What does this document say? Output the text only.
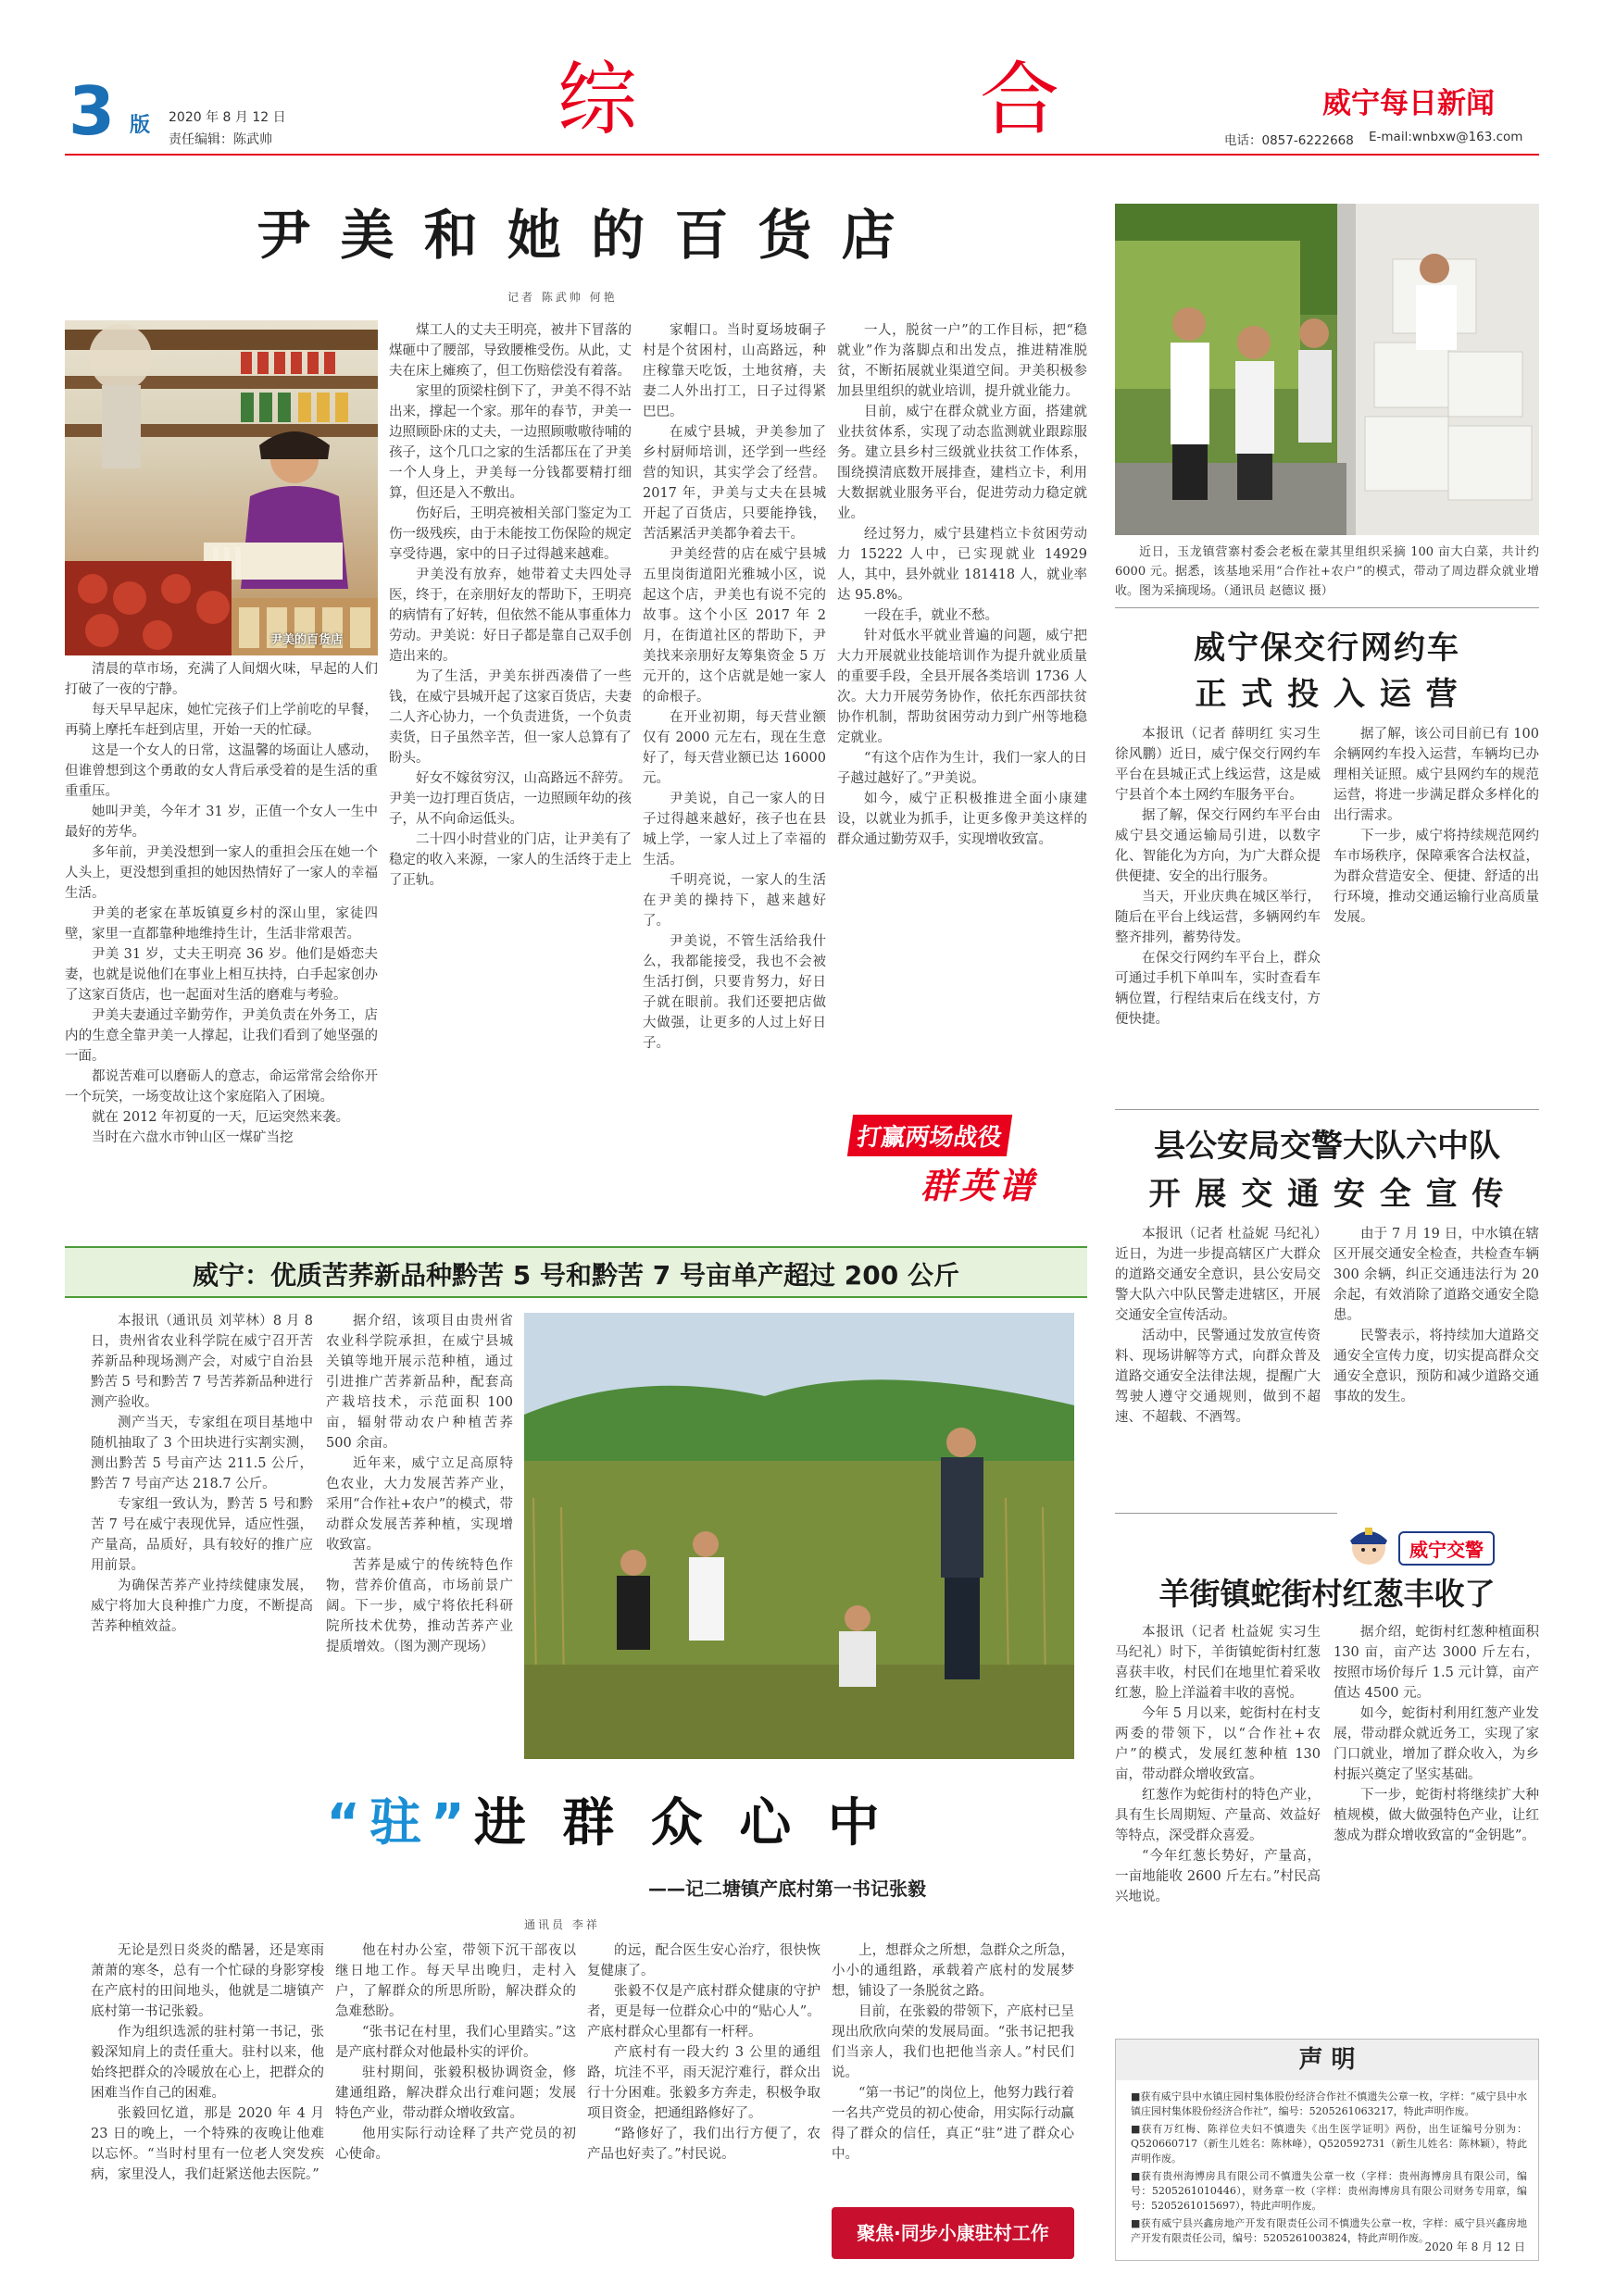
3 版 2020 年 8 月 12 日
责任编辑：陈武帅	综	合	威宁每日新闻
电话：0857-6222668 E-mail:wnbxw@163.com
尹 美 和 她 的 百 货 店
记者 陈武帅 何艳
尹美的百货店

清晨的草市场，充满了人间烟火味，早起的人们打破了一夜的宁静。

每天早早起床，她忙完孩子们上学前吃的早餐，再骑上摩托车赶到店里，开始一天的忙碌。

这是一个女人的日常，这温馨的场面让人感动，但谁曾想到这个勇敢的女人背后承受着的是生活的重重重压。

她叫尹美，今年才 31 岁，正值一个女人一生中最好的芳华。

多年前，尹美没想到一家人的重担会压在她一个人头上，更没想到重担的她因热情好了一家人的幸福生活。

尹美的老家在革坂镇夏乡村的深山里，家徒四壁，家里一直都靠种地维持生计，生活非常艰苦。

尹美 31 岁，丈夫王明亮 36 岁。他们是婚恋夫妻，也就是说他们在事业上相互扶持，白手起家创办了这家百货店，也一起面对生活的磨难与考验。

尹美夫妻通过辛勤劳作，尹美负责在外务工，店内的生意全靠尹美一人撑起，让我们看到了她坚强的一面。

都说苦难可以磨砺人的意志，命运常常会给你开一个玩笑，一场变故让这个家庭陷入了困境。

就在 2012 年初夏的一天，厄运突然来袭。

当时在六盘水市钟山区一煤矿当挖

煤工人的丈夫王明亮，被井下冒落的煤砸中了腰部，导致腰椎受伤。从此，丈夫在床上瘫痪了，但工伤赔偿没有着落。

家里的顶梁柱倒下了，尹美不得不站出来，撑起一个家。那年的春节，尹美一边照顾卧床的丈夫，一边照顾嗷嗷待哺的孩子，这个几口之家的生活都压在了尹美一个人身上，尹美每一分钱都要精打细算，但还是入不敷出。

伤好后，王明亮被相关部门鉴定为工伤一级残疾，由于未能按工伤保险的规定享受待遇，家中的日子过得越来越难。

尹美没有放弃，她带着丈夫四处寻医，终于，在亲朋好友的帮助下，王明亮的病情有了好转，但依然不能从事重体力劳动。尹美说：好日子都是靠自己双手创造出来的。

为了生活，尹美东拼西凑借了一些钱，在威宁县城开起了这家百货店，夫妻二人齐心协力，一个负责进货，一个负责卖货，日子虽然辛苦，但一家人总算有了盼头。

好女不嫁贫穷汉，山高路远不辞劳。尹美一边打理百货店，一边照顾年幼的孩子，从不向命运低头。

二十四小时营业的门店，让尹美有了稳定的收入来源，一家人的生活终于走上了正轨。

家帽口。当时夏场坡硐子村是个贫困村，山高路远，种庄稼靠天吃饭，土地贫瘠，夫妻二人外出打工，日子过得紧巴巴。

在威宁县城，尹美参加了乡村厨师培训，还学到一些经营的知识，其实学会了经营。2017 年，尹美与丈夫在县城开起了百货店，只要能挣钱，苦活累活尹美都争着去干。

尹美经营的店在威宁县城五里岗街道阳光雅城小区，说起这个店，尹美也有说不完的故事。这个小区 2017 年 2 月，在街道社区的帮助下，尹美找来亲朋好友筹集资金 5 万元开的，这个店就是她一家人的命根子。

在开业初期，每天营业额仅有 2000 元左右，现在生意好了，每天营业额已达 16000 元。

尹美说，自己一家人的日子过得越来越好，孩子也在县城上学，一家人过上了幸福的生活。

千明亮说，一家人的生活在尹美的操持下，越来越好了。

尹美说，不管生活给我什么，我都能接受，我也不会被生活打倒，只要肯努力，好日子就在眼前。我们还要把店做大做强，让更多的人过上好日子。

一人，脱贫一户”的工作目标，把“稳就业”作为落脚点和出发点，推进精准脱贫，不断拓展就业渠道空间。尹美积极参加县里组织的就业培训，提升就业能力。

目前，威宁在群众就业方面，搭建就业扶贫体系，实现了动态监测就业跟踪服务。建立县乡村三级就业扶贫工作体系，围绕摸清底数开展排查，建档立卡，利用大数据就业服务平台，促进劳动力稳定就业。

经过努力，威宁县建档立卡贫困劳动力 15222 人中，已实现就业 14929 人，其中，县外就业 181418 人，就业率达 95.8%。

一段在手，就业不愁。

针对低水平就业普遍的问题，威宁把大力开展就业技能培训作为提升就业质量的重要手段，全县开展各类培训 1736 人次。大力开展劳务协作，依托东西部扶贫协作机制，帮助贫困劳动力到广州等地稳定就业。

“有这个店作为生计，我们一家人的日子越过越好了。”尹美说。

如今，威宁正积极推进全面小康建设，以就业为抓手，让更多像尹美这样的群众通过勤劳双手，实现增收致富。

打赢两场战役
群英谱
近日，玉龙镇营寨村委会老板在蒙其里组织采摘 100 亩大白菜，共计约 6000 元。据悉，该基地采用“合作社+农户”的模式，带动了周边群众就业增收。图为采摘现场。（通讯员 赵德议 摄）
威宁保交行网约车
正 式 投 入 运 营

本报讯（记者 薛明红 实习生 徐风鹏）近日，威宁保交行网约车平台在县城正式上线运营，这是威宁县首个本土网约车服务平台。

据了解，保交行网约车平台由威宁县交通运输局引进，以数字化、智能化为方向，为广大群众提供便捷、安全的出行服务。

当天，开业庆典在城区举行，随后在平台上线运营，多辆网约车整齐排列，蓄势待发。

在保交行网约车平台上，群众可通过手机下单叫车，实时查看车辆位置，行程结束后在线支付，方便快捷。

据了解，该公司目前已有 100 余辆网约车投入运营，车辆均已办理相关证照。威宁县网约车的规范运营，将进一步满足群众多样化的出行需求。

下一步，威宁将持续规范网约车市场秩序，保障乘客合法权益，为群众营造安全、便捷、舒适的出行环境，推动交通运输行业高质量发展。

县公安局交警大队六中队
开 展 交 通 安 全 宣 传

本报讯（记者 杜益妮 马纪礼）近日，为进一步提高辖区广大群众的道路交通安全意识，县公安局交警大队六中队民警走进辖区，开展交通安全宣传活动。

活动中，民警通过发放宣传资料、现场讲解等方式，向群众普及道路交通安全法律法规，提醒广大驾驶人遵守交通规则，做到不超速、不超载、不酒驾。

由于 7 月 19 日，中水镇在辖区开展交通安全检查，共检查车辆 300 余辆，纠正交通违法行为 20 余起，有效消除了道路交通安全隐患。

民警表示，将持续加大道路交通安全宣传力度，切实提高群众交通安全意识，预防和减少道路交通事故的发生。

威宁交警
羊街镇蛇街村红葱丰收了

本报讯（记者 杜益妮 实习生 马纪礼）时下，羊街镇蛇街村红葱喜获丰收，村民们在地里忙着采收红葱，脸上洋溢着丰收的喜悦。

今年 5 月以来，蛇街村在村支两委的带领下，以“合作社+农户”的模式，发展红葱种植 130 亩，带动群众增收致富。

红葱作为蛇街村的特色产业，具有生长周期短、产量高、效益好等特点，深受群众喜爱。

“今年红葱长势好，产量高，一亩地能收 2600 斤左右。”村民高兴地说。

据介绍，蛇街村红葱种植面积 130 亩，亩产达 3000 斤左右，按照市场价每斤 1.5 元计算，亩产值达 4500 元。

如今，蛇街村利用红葱产业发展，带动群众就近务工，实现了家门口就业，增加了群众收入，为乡村振兴奠定了坚实基础。

下一步，蛇街村将继续扩大种植规模，做大做强特色产业，让红葱成为群众增收致富的“金钥匙”。

威宁：优质苦荞新品种黔苦 5 号和黔苦 7 号亩单产超过 200 公斤

本报讯（通讯员 刘苹林）8 月 8 日，贵州省农业科学院在威宁召开苦荞新品种现场测产会，对威宁自治县黔苦 5 号和黔苦 7 号苦荞新品种进行测产验收。

测产当天，专家组在项目基地中随机抽取了 3 个田块进行实割实测，测出黔苦 5 号亩产达 211.5 公斤，黔苦 7 号亩产达 218.7 公斤。

专家组一致认为，黔苦 5 号和黔苦 7 号在威宁表现优异，适应性强，产量高，品质好，具有较好的推广应用前景。

为确保苦荞产业持续健康发展，威宁将加大良种推广力度，不断提高苦荞种植效益。

据介绍，该项目由贵州省农业科学院承担，在威宁县城关镇等地开展示范种植，通过引进推广苦荞新品种，配套高产栽培技术，示范面积 100 亩，辐射带动农户种植苦荞 500 余亩。

近年来，威宁立足高原特色农业，大力发展苦荞产业，采用“合作社+农户”的模式，带动群众发展苦荞种植，实现增收致富。

苦荞是威宁的传统特色作物，营养价值高，市场前景广阔。下一步，威宁将依托科研院所技术优势，推动苦荞产业提质增效。（图为测产现场）

“驻”进 群 众 心 中
——记二塘镇产底村第一书记张毅
通讯员 李祥

无论是烈日炎炎的酷暑，还是寒雨萧萧的寒冬，总有一个忙碌的身影穿梭在产底村的田间地头，他就是二塘镇产底村第一书记张毅。

作为组织选派的驻村第一书记，张毅深知肩上的责任重大。驻村以来，他始终把群众的冷暖放在心上，把群众的困难当作自己的困难。

张毅回忆道，那是 2020 年 4 月 23 日的晚上，一个特殊的夜晚让他难以忘怀。“当时村里有一位老人突发疾病，家里没人，我们赶紧送他去医院。”

他在村办公室，带领下沉干部夜以继日地工作。每天早出晚归，走村入户，了解群众的所思所盼，解决群众的急难愁盼。

“张书记在村里，我们心里踏实。”这是产底村群众对他最朴实的评价。

驻村期间，张毅积极协调资金，修建通组路，解决群众出行难问题；发展特色产业，带动群众增收致富。

他用实际行动诠释了共产党员的初心使命。

的远，配合医生安心治疗，很快恢复健康了。

张毅不仅是产底村群众健康的守护者，更是每一位群众心中的“贴心人”。产底村群众心里都有一杆秤。

产底村有一段大约 3 公里的通组路，坑洼不平，雨天泥泞难行，群众出行十分困难。张毅多方奔走，积极争取项目资金，把通组路修好了。

“路修好了，我们出行方便了，农产品也好卖了。”村民说。

上，想群众之所想，急群众之所急，小小的通组路，承载着产底村的发展梦想，铺设了一条脱贫之路。

目前，在张毅的带领下，产底村已呈现出欣欣向荣的发展局面。“张书记把我们当亲人，我们也把他当亲人。”村民们说。

“第一书记”的岗位上，他努力践行着一名共产党员的初心使命，用实际行动赢得了群众的信任，真正“驻”进了群众心中。

聚焦·同步小康驻村工作
声 明

■获有威宁县中水镇庄园村集体股份经济合作社不慎遗失公章一枚，字样：“威宁县中水镇庄园村集体股份经济合作社”，编号：5205261063217，特此声明作废。

■获有万红梅、陈祥位夫妇不慎遗失《出生医学证明》两份，出生证编号分别为：Q520660717（新生儿姓名：陈林峰），Q520592731（新生儿姓名：陈林颖），特此声明作废。

■获有贵州海博房具有限公司不慎遗失公章一枚（字样：贵州海博房具有限公司，编号：5205261010446），财务章一枚（字样：贵州海博房具有限公司财务专用章，编号：5205261015697），特此声明作废。

■获有威宁县兴鑫房地产开发有限责任公司不慎遗失公章一枚，字样：威宁县兴鑫房地产开发有限责任公司，编号：5205261003824，特此声明作废。

2020 年 8 月 12 日
